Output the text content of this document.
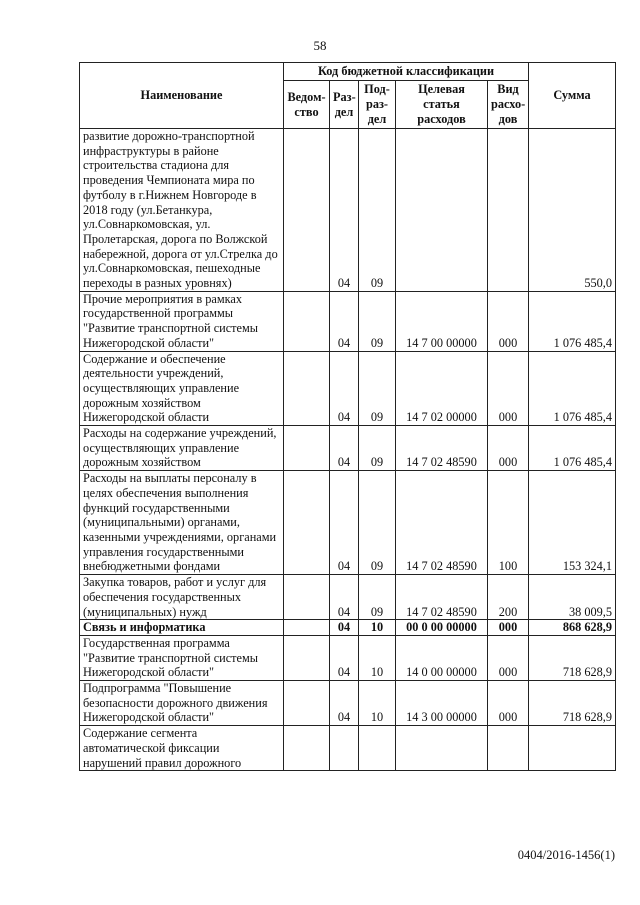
58
Наименование	Код бюджетной классификации					Сумма
	Ведом-ство	Раз-дел	Под-раз-дел	Целевая статья расходов	Вид расхо-дов	
развитие дорожно-транспортной инфраструктуры в районе строительства стадиона для проведения Чемпионата мира по футболу в г.Нижнем Новгороде в 2018 году (ул.Бетанкура, ул.Совнаркомовская, ул. Пролетарская, дорога по Волжской набережной, дорога от ул.Стрелка до ул.Совнаркомовская, пешеходные переходы в разных уровнях)		04	09			550,0
Прочие мероприятия в рамках государственной программы "Развитие транспортной системы Нижегородской области"		04	09	14 7 00 00000	000	1 076 485,4
Содержание и обеспечение деятельности учреждений, осуществляющих управление дорожным хозяйством Нижегородской области		04	09	14 7 02 00000	000	1 076 485,4
Расходы на содержание учреждений, осуществляющих управление дорожным хозяйством		04	09	14 7 02 48590	000	1 076 485,4
Расходы на выплаты персоналу в целях обеспечения выполнения функций государственными (муниципальными) органами, казенными учреждениями, органами управления государственными внебюджетными фондами		04	09	14 7 02 48590	100	153 324,1
Закупка товаров, работ и услуг для обеспечения государственных (муниципальных) нужд		04	09	14 7 02 48590	200	38 009,5
Связь и информатика		04	10	00 0 00 00000	000	868 628,9
Государственная программа "Развитие транспортной системы Нижегородской области"		04	10	14 0 00 00000	000	718 628,9
Подпрограмма "Повышение безопасности дорожного движения Нижегородской области"		04	10	14 3 00 00000	000	718 628,9
Содержание сегмента автоматической фиксации нарушений правил дорожного						
0404/2016-1456(1)
